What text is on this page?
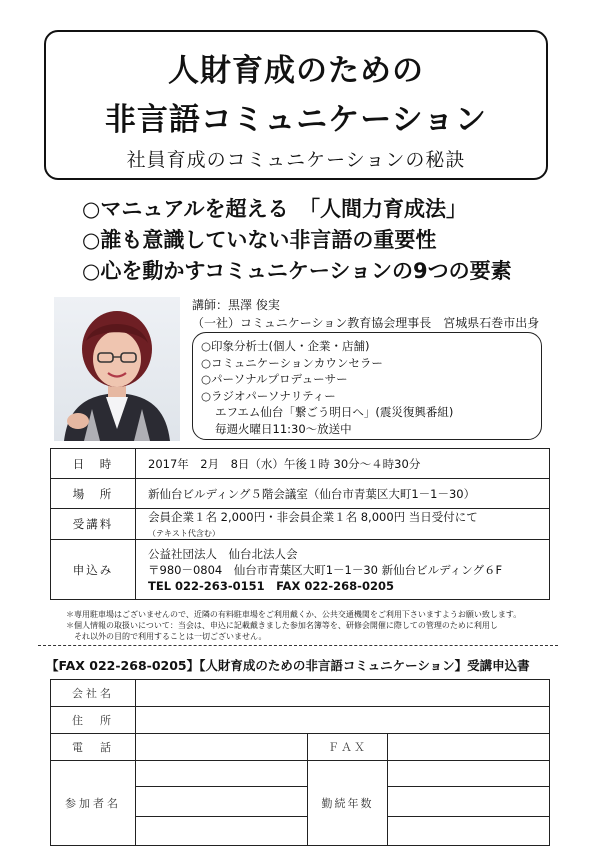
人財育成のための
非言語コミュニケーション
社員育成のコミュニケーションの秘訣
○マニュアルを超える　「人間力育成法」
○誰も意識していない非言語の重要性
○心を動かすコミュニケーションの9つの要素
講師：黒澤 俊実
（一社）コミュニケーション教育協会理事長　宮城県石巻市出身
○印象分析士(個人・企業・店舗)
○コミュニケーションカウンセラー
○パーソナルプロデューサー
○ラジオパーソナリティー
エフエム仙台「繋ごう明日へ」(震災復興番組)
毎週火曜日11:30～放送中
日　時	2017年　2月　8日（水）午後１時 30分～４時30分
場　所	新仙台ビルディング５階会議室（仙台市青葉区大町1－1－30）
受講料	会員企業１名 2,000円・非会員企業１名 8,000円 当日受付にて（テキスト代含む）
申込み	公益社団法人　仙台北法人会
〒980－0804　仙台市青葉区大町1－1－30 新仙台ビルディング６F
TEL 022-263-0151　FAX 022-268-0205
＊専用駐車場はございませんので、近隣の有料駐車場をご利用戴くか、公共交通機関をご利用下さいますようお願い致します。
＊個人情報の取扱いについて：当会は、申込に記載戴きました参加名簿等を、研修会開催に際しての管理のために利用し
　それ以外の目的で利用することは一切ございません。
【FAX 022-268-0205】【人財育成のための非言語コミュニケーション】受講申込書
会社名			
住　所			
電　話		ＦＡＸ	
参加者名		勤続年数	
